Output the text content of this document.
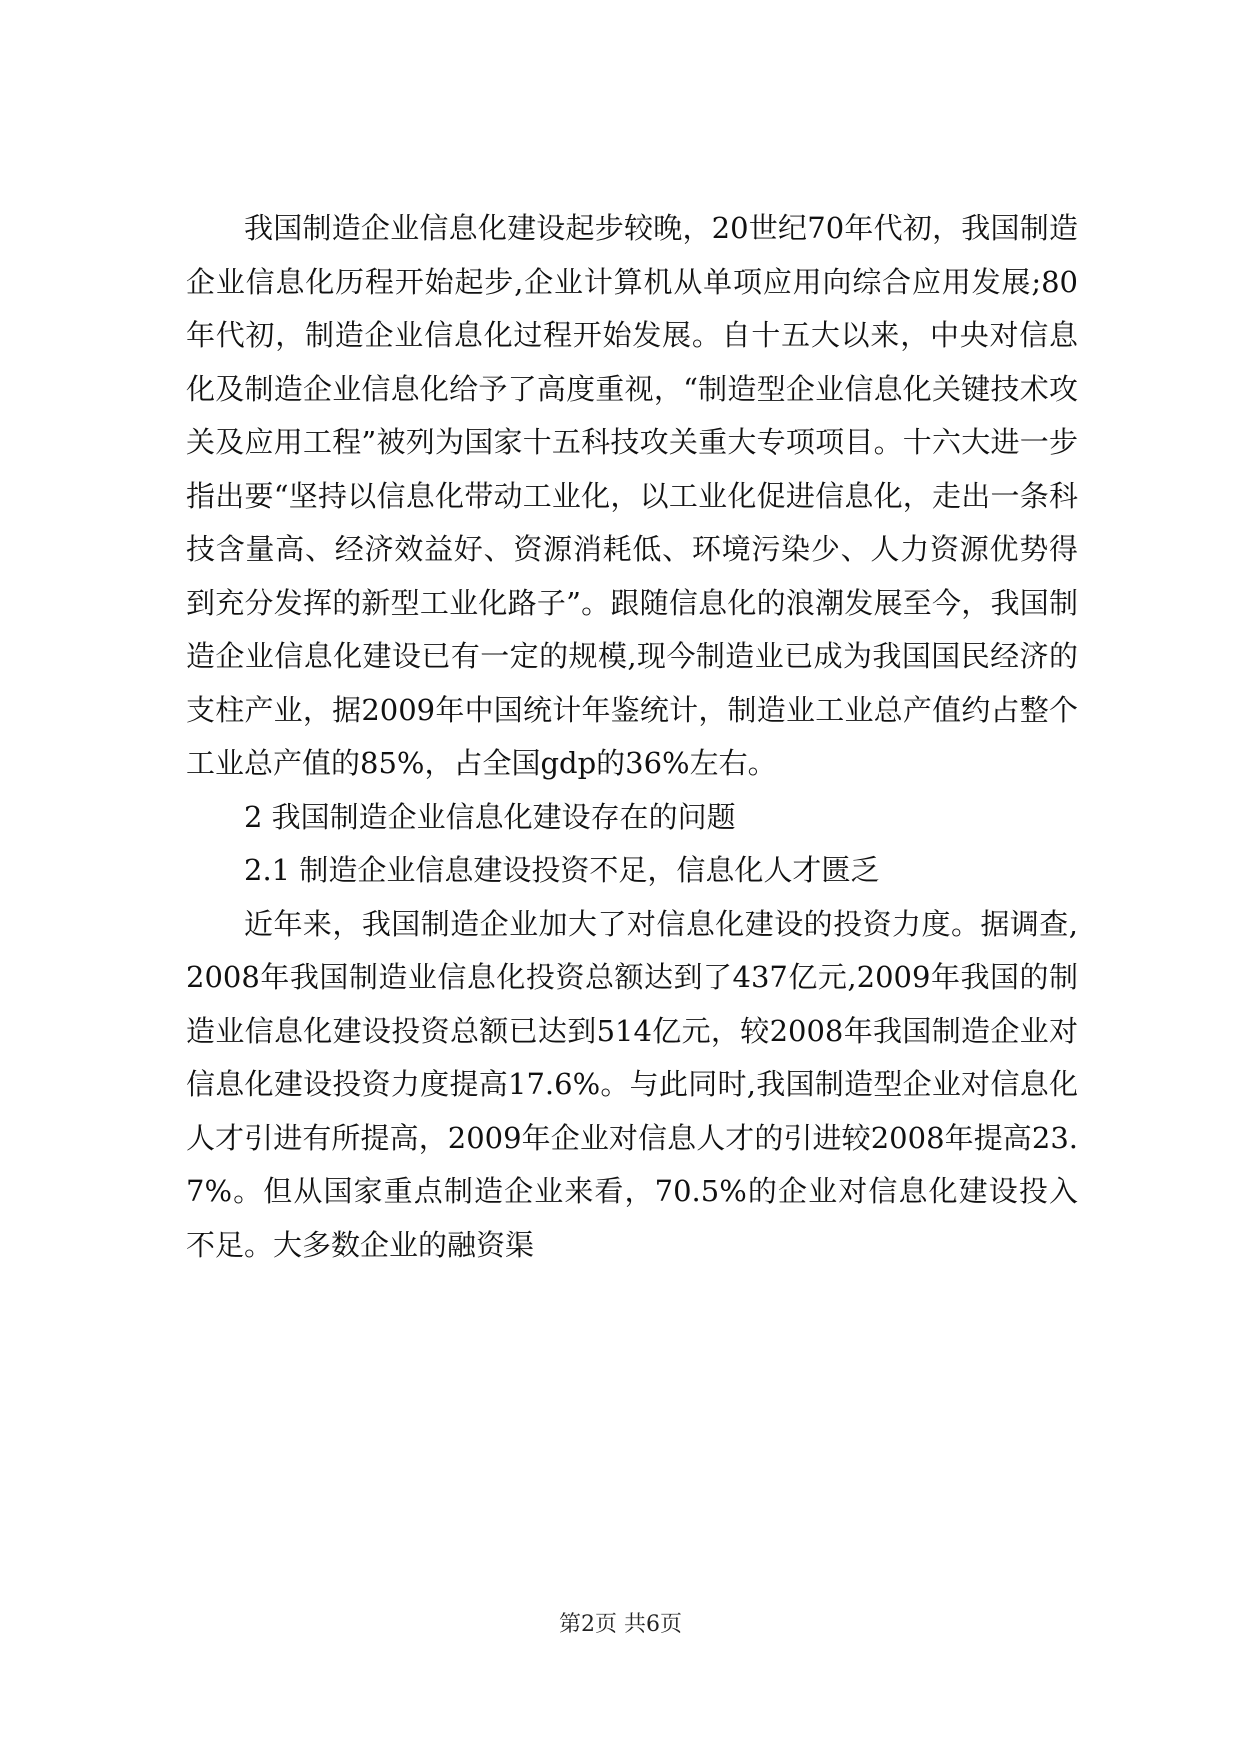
我国制造企业信息化建设起步较晚，20世纪70年代初，我国制造企业信息化历程开始起步,企业计算机从单项应用向综合应用发展;80年代初，制造企业信息化过程开始发展。自十五大以来，中央对信息化及制造企业信息化给予了高度重视，“制造型企业信息化关键技术攻关及应用工程”被列为国家十五科技攻关重大专项项目。十六大进一步指出要“坚持以信息化带动工业化，以工业化促进信息化，走出一条科技含量高、经济效益好、资源消耗低、环境污染少、人力资源优势得到充分发挥的新型工业化路子”。跟随信息化的浪潮发展至今，我国制造企业信息化建设已有一定的规模,现今制造业已成为我国国民经济的支柱产业，据2009年中国统计年鉴统计，制造业工业总产值约占整个工业总产值的85%，占全国gdp的36%左右。

2 我国制造企业信息化建设存在的问题

2.1 制造企业信息建设投资不足，信息化人才匮乏

近年来，我国制造企业加大了对信息化建设的投资力度。据调查,2008年我国制造业信息化投资总额达到了437亿元,2009年我国的制造业信息化建设投资总额已达到514亿元，较2008年我国制造企业对信息化建设投资力度提高17.6%。与此同时,我国制造型企业对信息化人才引进有所提高，2009年企业对信息人才的引进较2008年提高23.7%。但从国家重点制造企业来看，70.5%的企业对信息化建设投入不足。大多数企业的融资渠

第2页 共6页
